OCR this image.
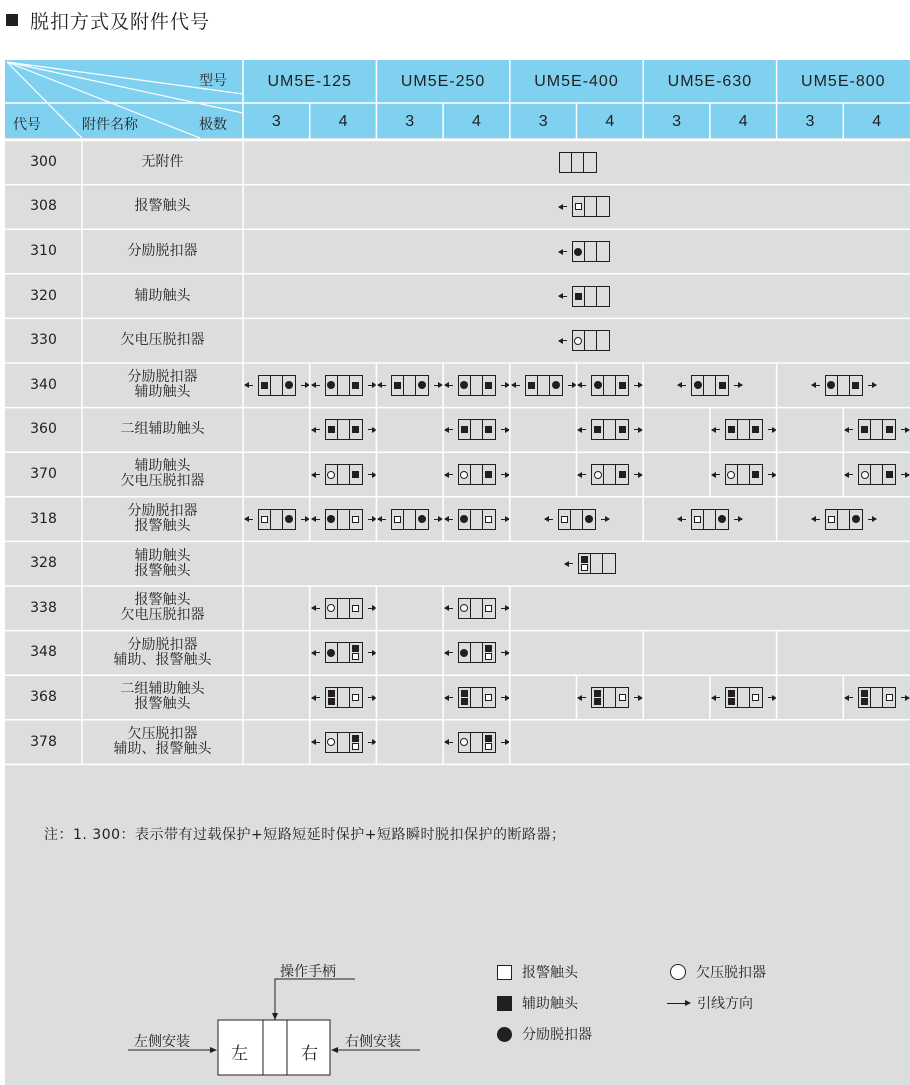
脱扣方式及附件代号
型号
代号	附件名称	极数
UM5E-125	UM5E-250	UM5E-400	UM5E-630	UM5E-800
3	4	3	4	3	4	3	4	3	4
300	无附件
308	报警触头
310	分励脱扣器
320	辅助触头
330	欠电压脱扣器
340	分励脱扣器
辅助触头
360	二组辅助触头
370	辅助触头
欠电压脱扣器
318	分励脱扣器
报警触头
328	辅助触头
报警触头
338	报警触头
欠电压脱扣器
348	分励脱扣器
辅助、报警触头
368	二组辅助触头
报警触头
378	欠压脱扣器
辅助、报警触头
注：1. 300：表示带有过载保护+短路短延时保护+短路瞬时脱扣保护的断路器；
操作手柄
左侧安装	右侧安装
左	右
报警触头
辅助触头
分励脱扣器
欠压脱扣器
引线方向
